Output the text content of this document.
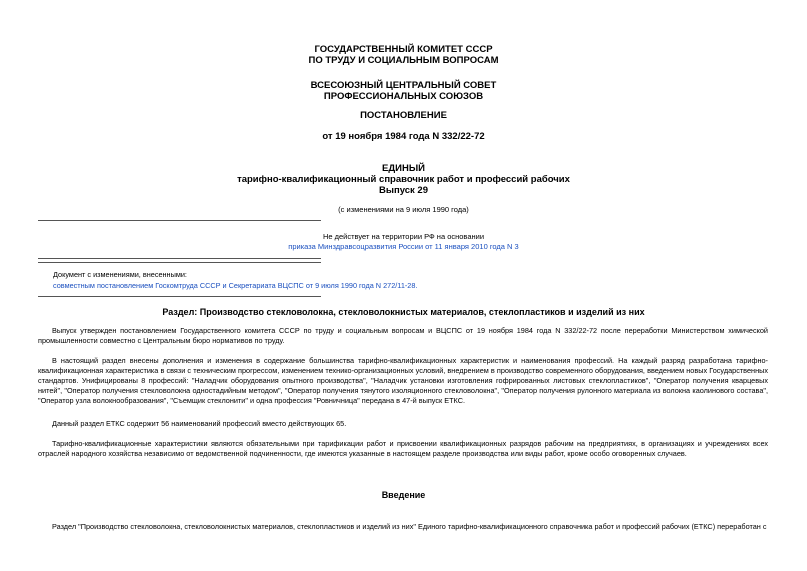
ГОСУДАРСТВЕННЫЙ КОМИТЕТ СССР
ПО ТРУДУ И СОЦИАЛЬНЫМ ВОПРОСАМ
ВСЕСОЮЗНЫЙ ЦЕНТРАЛЬНЫЙ СОВЕТ
ПРОФЕССИОНАЛЬНЫХ СОЮЗОВ
ПОСТАНОВЛЕНИЕ
от 19 ноября 1984 года N 332/22-72
ЕДИНЫЙ
тарифно-квалификационный справочник работ и профессий рабочих
Выпуск 29
(с изменениями на 9 июля 1990 года)
Не действует на территории РФ на основании
приказа Минздравсоцразвития России от 11 января 2010 года N 3
Документ с изменениями, внесенными:
совместным постановлением Госкомтруда СССР и Секретариата ВЦСПС от 9 июля 1990 года N 272/11-28.
Раздел: Производство стекловолокна, стекловолокнистых материалов, стеклопластиков и изделий из них
Выпуск утвержден постановлением Государственного комитета СССР по труду и социальным вопросам и ВЦСПС от 19 ноября 1984 года N 332/22-72 после переработки Министерством химической промышленности совместно с Центральным бюро нормативов по труду.
В настоящий раздел внесены дополнения и изменения в содержание большинства тарифно-квалификационных характеристик и наименования профессий. На каждый разряд разработана тарифно-квалификационная характеристика в связи с техническим прогрессом, изменением технико-организационных условий, внедрением в производство современного оборудования, введением новых Государственных стандартов. Унифицированы 8 профессий: "Наладчик оборудования опытного производства", "Наладчик установки изготовления гофрированных листовых стеклопластиков", "Оператор получения кварцевых нитей", "Оператор получения стекловолокна одностадийным методом", "Оператор получения тянутого изоляционного стекловолокна", "Оператор получения рулонного материала из волокна каолинового состава", "Оператор узла волокнообразования", "Съемщик стеклонити" и одна профессия "Ровничница" передана в 47-й выпуск ЕТКС.
Данный раздел ЕТКС содержит 56 наименований профессий вместо действующих 65.
Тарифно-квалификационные характеристики являются обязательными при тарификации работ и присвоении квалификационных разрядов рабочим на предприятиях, в организациях и учреждениях всех отраслей народного хозяйства независимо от ведомственной подчиненности, где имеются указанные в настоящем разделе производства или виды работ, кроме особо оговоренных случаев.
Введение
Раздел "Производство стекловолокна, стекловолокнистых материалов, стеклопластиков и изделий из них" Единого тарифно-квалификационного справочника работ и профессий рабочих (ЕТКС) переработан с
